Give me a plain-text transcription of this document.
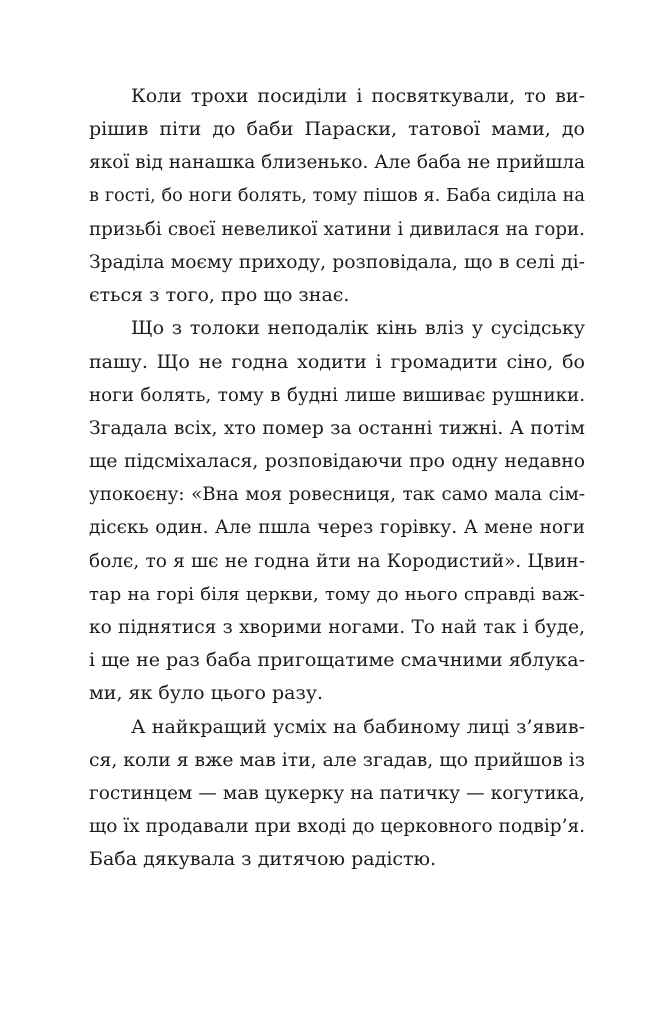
Коли трохи посиділи і посвяткували, то ви-
рішив піти до баби Параски, татової мами, до
якої від нанашка близенько. Але баба не прийшла
в гості, бо ноги болять, тому пішов я. Баба сиділа на
призьбі своєї невеликої хатини і дивилася на гори.
Зраділа моєму приходу, розповідала, що в селі ді-
ється з того, про що знає.
Що з толоки неподалік кінь вліз у сусідську
пашу. Що не годна ходити і громадити сіно, бо
ноги болять, тому в будні лише вишиває рушники.
Згадала всіх, хто помер за останні тижні. А потім
ще підсміхалася, розповідаючи про одну недавно
упокоєну: «Вна моя ровесниця, так само мала сім-
дісєкь один. Але пшла через горівку. А мене ноги
болє, то я шє не годна йти на Кородистий». Цвин-
тар на горі біля церкви, тому до нього справді важ-
ко піднятися з хворими ногами. То най так і буде,
і ще не раз баба пригощатиме смачними яблука-
ми, як було цього разу.
А найкращий усміх на бабиному лиці з’явив-
ся, коли я вже мав іти, але згадав, що прийшов із
гостинцем — мав цукерку на патичку — когутика,
що їх продавали при вході до церковного подвір’я.
Баба дякувала з дитячою радістю.
